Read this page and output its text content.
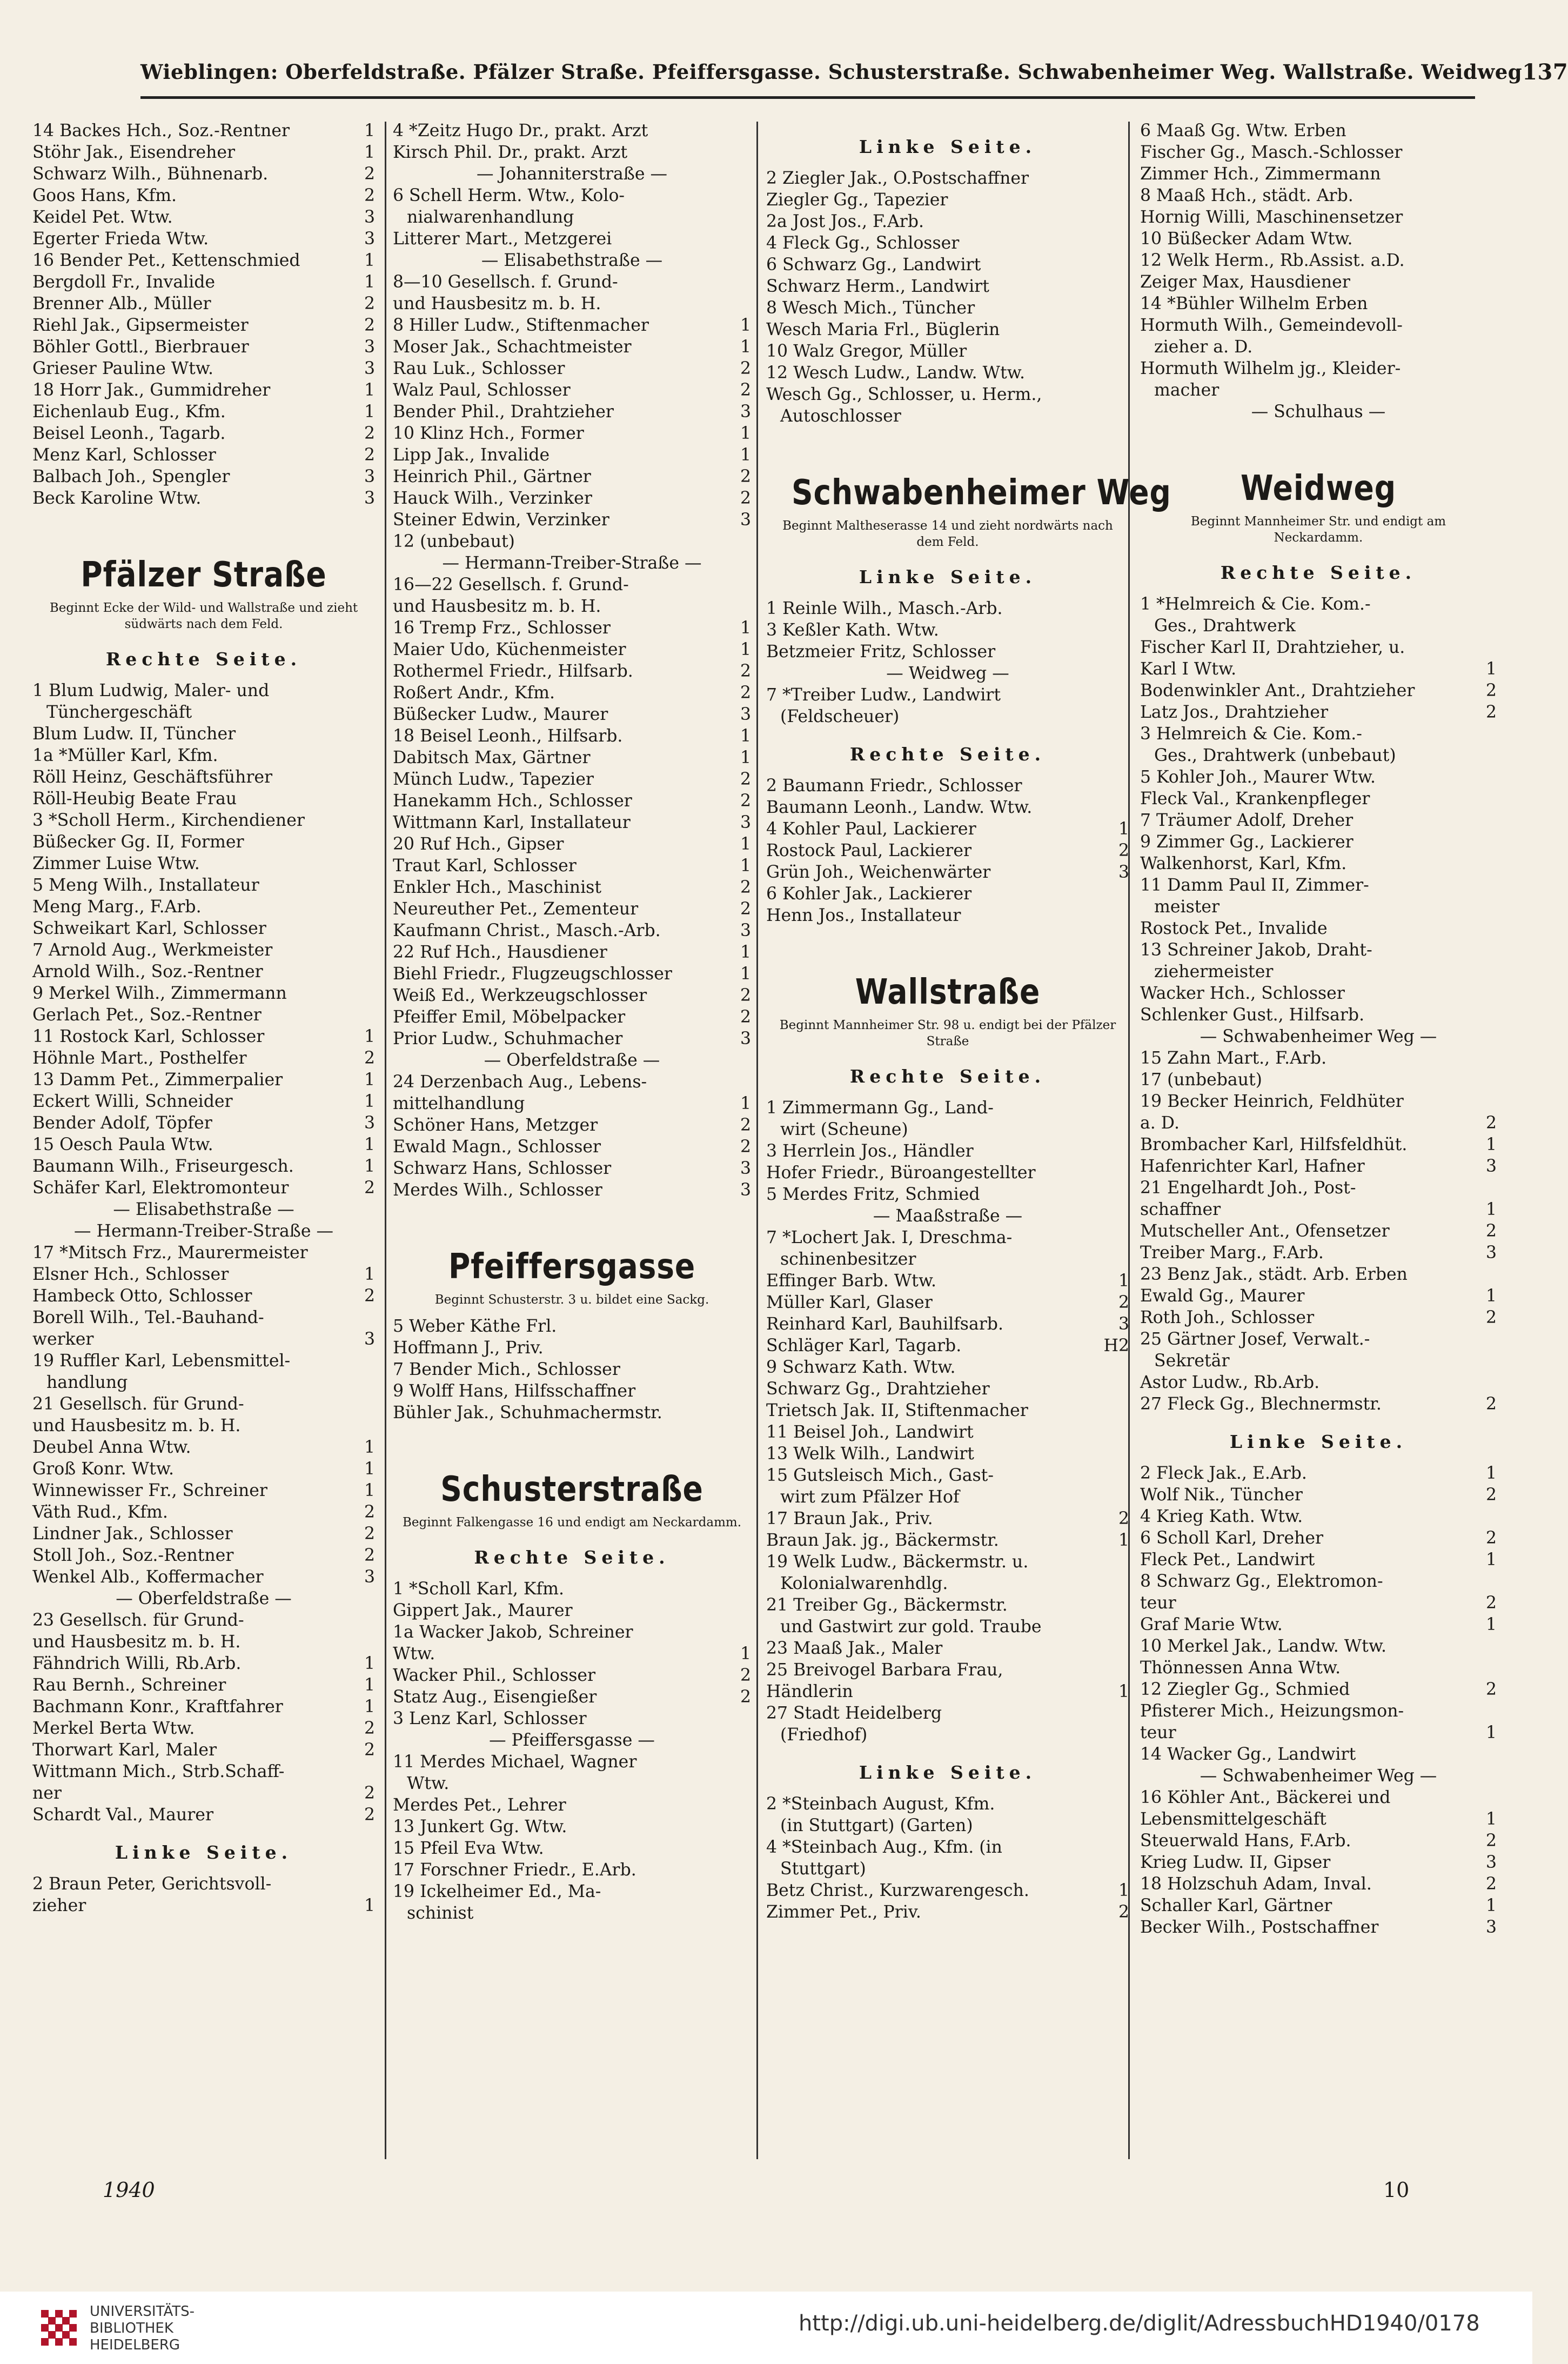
Wieblingen: Oberfeldstraße. Pfälzer Straße. Pfeiffersgasse. Schusterstraße. Schwabenheimer Weg. Wallstraße. Weidweg 137
14 Backes Hch., Soz.-Rentner	1
Stöhr Jak., Eisendreher	1
Schwarz Wilh., Bühnenarb.	2
Goos Hans, Kfm.	2
Keidel Pet. Wtw.	3
Egerter Frieda Wtw.	3
16 Bender Pet., Kettenschmied	1
Bergdoll Fr., Invalide	1
Brenner Alb., Müller	2
Riehl Jak., Gipsermeister	2
Böhler Gottl., Bierbrauer	3
Grieser Pauline Wtw.	3
18 Horr Jak., Gummidreher	1
Eichenlaub Eug., Kfm.	1
Beisel Leonh., Tagarb.	2
Menz Karl, Schlosser	2
Balbach Joh., Spengler	3
Beck Karoline Wtw.	3
Pfälzer Straße
Beginnt Ecke der Wild- und Wallstraße und zieht südwärts nach dem Feld.
Rechte Seite.
1 Blum Ludwig, Maler- und
Tünchergeschäft
Blum Ludw. II, Tüncher
1a *Müller Karl, Kfm.
Röll Heinz, Geschäftsführer
Röll-Heubig Beate Frau
3 *Scholl Herm., Kirchendiener
Büßecker Gg. II, Former
Zimmer Luise Wtw.
5 Meng Wilh., Installateur
Meng Marg., F.Arb.
Schweikart Karl, Schlosser
7 Arnold Aug., Werkmeister
Arnold Wilh., Soz.-Rentner
9 Merkel Wilh., Zimmermann
Gerlach Pet., Soz.-Rentner
11 Rostock Karl, Schlosser	1
Höhnle Mart., Posthelfer	2
13 Damm Pet., Zimmerpalier	1
Eckert Willi, Schneider	1
Bender Adolf, Töpfer	3
15 Oesch Paula Wtw.	1
Baumann Wilh., Friseurgesch.	1
Schäfer Karl, Elektromonteur	2
— Elisabethstraße —
— Hermann-Treiber-Straße —
17 *Mitsch Frz., Maurermeister
Elsner Hch., Schlosser	1
Hambeck Otto, Schlosser	2
Borell Wilh., Tel.-Bauhand-
werker	3
19 Ruffler Karl, Lebensmittel-
handlung
21 Gesellsch. für Grund-
und Hausbesitz m. b. H.
Deubel Anna Wtw.	1
Groß Konr. Wtw.	1
Winnewisser Fr., Schreiner	1
Väth Rud., Kfm.	2
Lindner Jak., Schlosser	2
Stoll Joh., Soz.-Rentner	2
Wenkel Alb., Koffermacher	3
— Oberfeldstraße —
23 Gesellsch. für Grund-
und Hausbesitz m. b. H.
Fähndrich Willi, Rb.Arb.	1
Rau Bernh., Schreiner	1
Bachmann Konr., Kraftfahrer	1
Merkel Berta Wtw.	2
Thorwart Karl, Maler	2
Wittmann Mich., Strb.Schaff-
ner	2
Schardt Val., Maurer	2
Linke Seite.
2 Braun Peter, Gerichtsvoll-
zieher	1
4 *Zeitz Hugo Dr., prakt. Arzt
Kirsch Phil. Dr., prakt. Arzt
— Johanniterstraße —
6 Schell Herm. Wtw., Kolo-
nialwarenhandlung
Litterer Mart., Metzgerei
— Elisabethstraße —
8—10 Gesellsch. f. Grund-
und Hausbesitz m. b. H.
8 Hiller Ludw., Stiftenmacher	1
Moser Jak., Schachtmeister	1
Rau Luk., Schlosser	2
Walz Paul, Schlosser	2
Bender Phil., Drahtzieher	3
10 Klinz Hch., Former	1
Lipp Jak., Invalide	1
Heinrich Phil., Gärtner	2
Hauck Wilh., Verzinker	2
Steiner Edwin, Verzinker	3
12 (unbebaut)
— Hermann-Treiber-Straße —
16—22 Gesellsch. f. Grund-
und Hausbesitz m. b. H.
16 Tremp Frz., Schlosser	1
Maier Udo, Küchenmeister	1
Rothermel Friedr., Hilfsarb.	2
Roßert Andr., Kfm.	2
Büßecker Ludw., Maurer	3
18 Beisel Leonh., Hilfsarb.	1
Dabitsch Max, Gärtner	1
Münch Ludw., Tapezier	2
Hanekamm Hch., Schlosser	2
Wittmann Karl, Installateur	3
20 Ruf Hch., Gipser	1
Traut Karl, Schlosser	1
Enkler Hch., Maschinist	2
Neureuther Pet., Zementeur	2
Kaufmann Christ., Masch.-Arb.	3
22 Ruf Hch., Hausdiener	1
Biehl Friedr., Flugzeugschlosser	1
Weiß Ed., Werkzeugschlosser	2
Pfeiffer Emil, Möbelpacker	2
Prior Ludw., Schuhmacher	3
— Oberfeldstraße —
24 Derzenbach Aug., Lebens-
mittelhandlung	1
Schöner Hans, Metzger	2
Ewald Magn., Schlosser	2
Schwarz Hans, Schlosser	3
Merdes Wilh., Schlosser	3
Pfeiffersgasse
Beginnt Schusterstr. 3 u. bildet eine Sackg.
5 Weber Käthe Frl.
Hoffmann J., Priv.
7 Bender Mich., Schlosser
9 Wolff Hans, Hilfsschaffner
Bühler Jak., Schuhmachermstr.
Schusterstraße
Beginnt Falkengasse 16 und endigt am Neckardamm.
Rechte Seite.
1 *Scholl Karl, Kfm.
Gippert Jak., Maurer
1a Wacker Jakob, Schreiner
Wtw.	1
Wacker Phil., Schlosser	2
Statz Aug., Eisengießer	2
3 Lenz Karl, Schlosser
— Pfeiffersgasse —
11 Merdes Michael, Wagner
Wtw.
Merdes Pet., Lehrer
13 Junkert Gg. Wtw.
15 Pfeil Eva Wtw.
17 Forschner Friedr., E.Arb.
19 Ickelheimer Ed., Ma-
schinist
Linke Seite.
2 Ziegler Jak., O.Postschaffner
Ziegler Gg., Tapezier
2a Jost Jos., F.Arb.
4 Fleck Gg., Schlosser
6 Schwarz Gg., Landwirt
Schwarz Herm., Landwirt
8 Wesch Mich., Tüncher
Wesch Maria Frl., Büglerin
10 Walz Gregor, Müller
12 Wesch Ludw., Landw. Wtw.
Wesch Gg., Schlosser, u. Herm.,
Autoschlosser
Schwabenheimer Weg
Beginnt Maltheserasse 14 und zieht nordwärts nach dem Feld.
Linke Seite.
1 Reinle Wilh., Masch.-Arb.
3 Keßler Kath. Wtw.
Betzmeier Fritz, Schlosser
— Weidweg —
7 *Treiber Ludw., Landwirt
(Feldscheuer)
Rechte Seite.
2 Baumann Friedr., Schlosser
Baumann Leonh., Landw. Wtw.
4 Kohler Paul, Lackierer	1
Rostock Paul, Lackierer	2
Grün Joh., Weichenwärter	3
6 Kohler Jak., Lackierer
Henn Jos., Installateur
Wallstraße
Beginnt Mannheimer Str. 98 u. endigt bei der Pfälzer Straße
Rechte Seite.
1 Zimmermann Gg., Land-
wirt (Scheune)
3 Herrlein Jos., Händler
Hofer Friedr., Büroangestellter
5 Merdes Fritz, Schmied
— Maaßstraße —
7 *Lochert Jak. I, Dreschma-
schinenbesitzer
Effinger Barb. Wtw.	1
Müller Karl, Glaser	2
Reinhard Karl, Bauhilfsarb.	3
Schläger Karl, Tagarb.	H2
9 Schwarz Kath. Wtw.
Schwarz Gg., Drahtzieher
Trietsch Jak. II, Stiftenmacher
11 Beisel Joh., Landwirt
13 Welk Wilh., Landwirt
15 Gutsleisch Mich., Gast-
wirt zum Pfälzer Hof
17 Braun Jak., Priv.	2
Braun Jak. jg., Bäckermstr.	1
19 Welk Ludw., Bäckermstr. u.
Kolonialwarenhdlg.
21 Treiber Gg., Bäckermstr.
und Gastwirt zur gold. Traube
23 Maaß Jak., Maler
25 Breivogel Barbara Frau,
Händlerin	1
27 Stadt Heidelberg
(Friedhof)
Linke Seite.
2 *Steinbach August, Kfm.
(in Stuttgart) (Garten)
4 *Steinbach Aug., Kfm. (in
Stuttgart)
Betz Christ., Kurzwarengesch.	1
Zimmer Pet., Priv.	2
6 Maaß Gg. Wtw. Erben
Fischer Gg., Masch.-Schlosser
Zimmer Hch., Zimmermann
8 Maaß Hch., städt. Arb.
Hornig Willi, Maschinensetzer
10 Büßecker Adam Wtw.
12 Welk Herm., Rb.Assist. a.D.
Zeiger Max, Hausdiener
14 *Bühler Wilhelm Erben
Hormuth Wilh., Gemeindevoll-
zieher a. D.
Hormuth Wilhelm jg., Kleider-
macher
— Schulhaus —
Weidweg
Beginnt Mannheimer Str. und endigt am Neckardamm.
Rechte Seite.
1 *Helmreich & Cie. Kom.-
Ges., Drahtwerk
Fischer Karl II, Drahtzieher, u.
Karl I Wtw.	1
Bodenwinkler Ant., Drahtzieher	2
Latz Jos., Drahtzieher	2
3 Helmreich & Cie. Kom.-
Ges., Drahtwerk (unbebaut)
5 Kohler Joh., Maurer Wtw.
Fleck Val., Krankenpfleger
7 Träumer Adolf, Dreher
9 Zimmer Gg., Lackierer
Walkenhorst, Karl, Kfm.
11 Damm Paul II, Zimmer-
meister
Rostock Pet., Invalide
13 Schreiner Jakob, Draht-
ziehermeister
Wacker Hch., Schlosser
Schlenker Gust., Hilfsarb.
— Schwabenheimer Weg —
15 Zahn Mart., F.Arb.
17 (unbebaut)
19 Becker Heinrich, Feldhüter
a. D.	2
Brombacher Karl, Hilfsfeldhüt.	1
Hafenrichter Karl, Hafner	3
21 Engelhardt Joh., Post-
schaffner	1
Mutscheller Ant., Ofensetzer	2
Treiber Marg., F.Arb.	3
23 Benz Jak., städt. Arb. Erben
Ewald Gg., Maurer	1
Roth Joh., Schlosser	2
25 Gärtner Josef, Verwalt.-
Sekretär
Astor Ludw., Rb.Arb.
27 Fleck Gg., Blechnermstr.	2
Linke Seite.
2 Fleck Jak., E.Arb.	1
Wolf Nik., Tüncher	2
4 Krieg Kath. Wtw.
6 Scholl Karl, Dreher	2
Fleck Pet., Landwirt	1
8 Schwarz Gg., Elektromon-
teur	2
Graf Marie Wtw.	1
10 Merkel Jak., Landw. Wtw.
Thönnessen Anna Wtw.
12 Ziegler Gg., Schmied	2
Pfisterer Mich., Heizungsmon-
teur	1
14 Wacker Gg., Landwirt
— Schwabenheimer Weg —
16 Köhler Ant., Bäckerei und
Lebensmittelgeschäft	1
Steuerwald Hans, F.Arb.	2
Krieg Ludw. II, Gipser	3
18 Holzschuh Adam, Inval.	2
Schaller Karl, Gärtner	1
Becker Wilh., Postschaffner	3
1940	10
UNIVERSITÄTS-
BIBLIOTHEK
HEIDELBERG
http://digi.ub.uni-heidelberg.de/diglit/AdressbuchHD1940/0178
